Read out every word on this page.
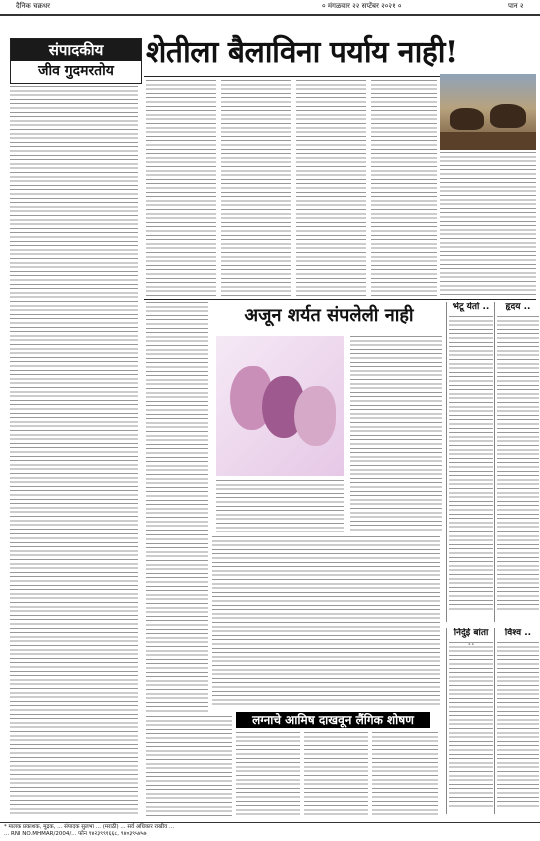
दैनिक चक्रधर	० मंगळवार २२ सप्टेंबर २०२१ ०	पान २
संपादकीय
जीव गुदमरतोय
शेतीला बैलाविना पर्याय नाही!
अजून शर्यत संपलेली नाही	भेटू येतो ..	हृदय ..
निर्दुई बांता	विश्व ..
लग्नाचे आमिष दाखवून लैंगिक शोषण
* मालक प्रकाशक, मुद्रक, ... संपादक सुलभा ... (मराठी) ... सर्व अधिकार राखीव ...
... RNI NO.MHMAR/2004/... फोन ९४२३९९१६६८, ९४०३९५४५७
